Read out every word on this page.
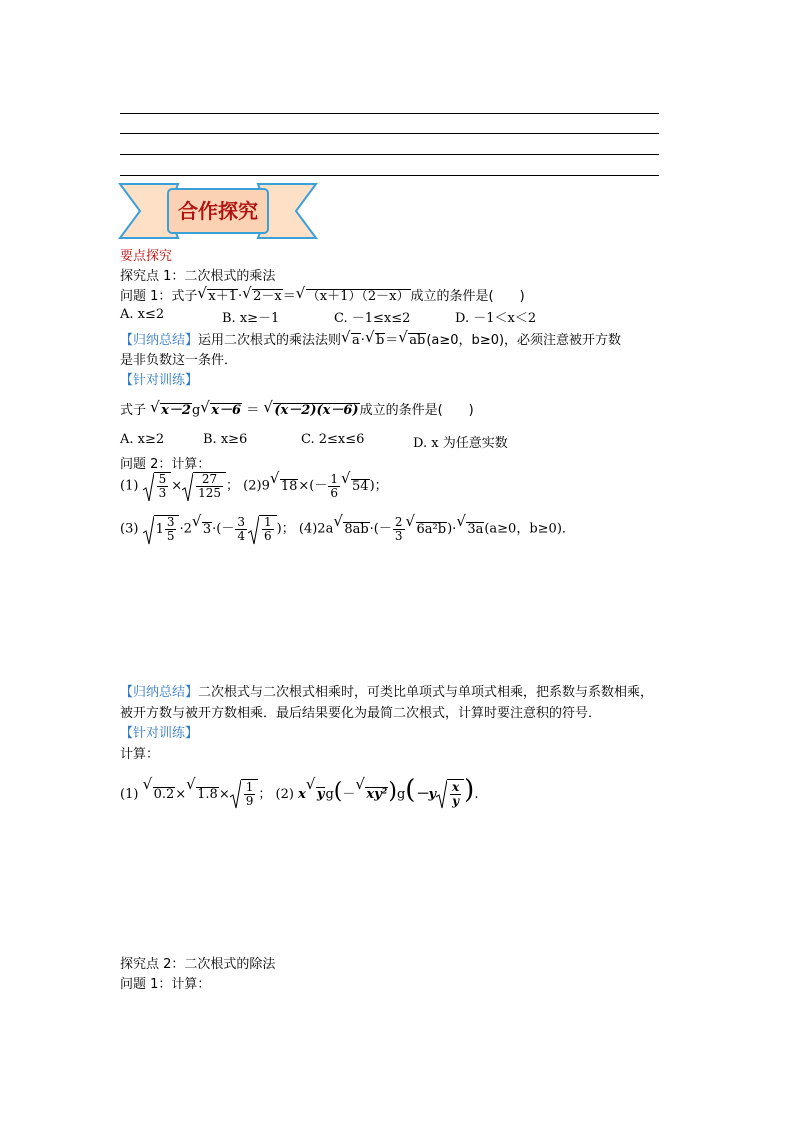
合作探究
要点探究
探究点 1：二次根式的乘法
问题 1：式子√ x＋1·√ 2－x＝√ （x＋1）（2－x）成立的条件是(　　)
A. x≤2	B. x≥－1	C. －1≤x≤2	D. －1＜x＜2
【归纳总结】运用二次根式的乘法法则√ a·√ b＝√ ab(a≥0，b≥0)，必须注意被开方数
是非负数这一条件．
【针对训练】
式子 √ x－2g√ x－6 ＝ √ (x－2)(x－6)成立的条件是(　　)
A. x≥2	B. x≥6	C. 2≤x≤6	D. x 为任意实数
问题 2：计算：
$(1) \frac{5}{3} \times \frac{27}{125}$ ； (2)9√ $18\times(- \frac{1}{6}$
√ 54)；
(3) $1 \frac{3}{5} \cdot 2√$ $3\cdot(- \frac{3}{4} \frac{1}{6}$ )； (4)2a√ $8ab\cdot(- \frac{2}{3}$
√ 6a²b)·√ 3a(a≥0，b≥0)．
【归纳总结】二次根式与二次根式相乘时，可类比单项式与单项式相乘，把系数与系数相乘，
被开方数与被开方数相乘．最后结果要化为最简二次根式，计算时要注意积的符号．
【针对训练】
计算：
(1) √ 0.2×√ $1.8\times \frac{1}{9}$ ； (2) x√ yg(－√ $xy^2)g(-y \frac{x}{y}$ ).
探究点 2：二次根式的除法
问题 1：计算：
